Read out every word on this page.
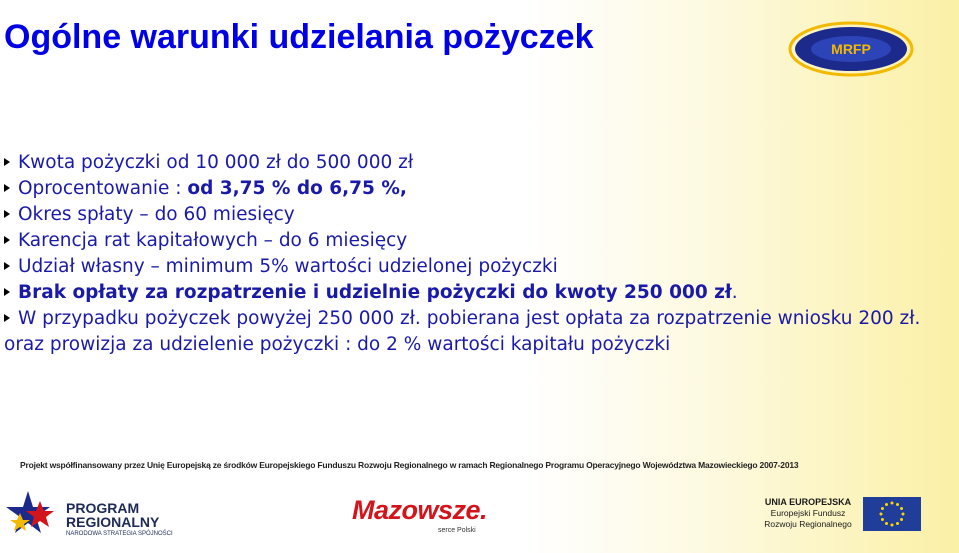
Ogólne warunki udzielania pożyczek	MRFP
Kwota pożyczki od 10 000 zł do 500 000 zł
Oprocentowanie : od 3,75 % do 6,75 %,
Okres spłaty – do 60 miesięcy
Karencja rat kapitałowych – do 6 miesięcy
Udział własny – minimum 5% wartości udzielonej pożyczki
Brak opłaty za rozpatrzenie i udzielnie pożyczki do kwoty 250 000 zł.
W przypadku pożyczek powyżej 250 000 zł. pobierana jest opłata za rozpatrzenie wniosku 200 zł. oraz prowizja za udzielenie pożyczki : do 2 % wartości kapitału pożyczki
Projekt współfinansowany przez Unię Europejską ze środków Europejskiego Funduszu Rozwoju Regionalnego w ramach Regionalnego Programu Operacyjnego Województwa Mazowieckiego 2007-2013
PROGRAM
REGIONALNY
NARODOWA STRATEGIA SPÓJNOŚCI
Mazowsze.
serce Polski
UNIA EUROPEJSKA
Europejski Fundusz
Rozwoju Regionalnego
